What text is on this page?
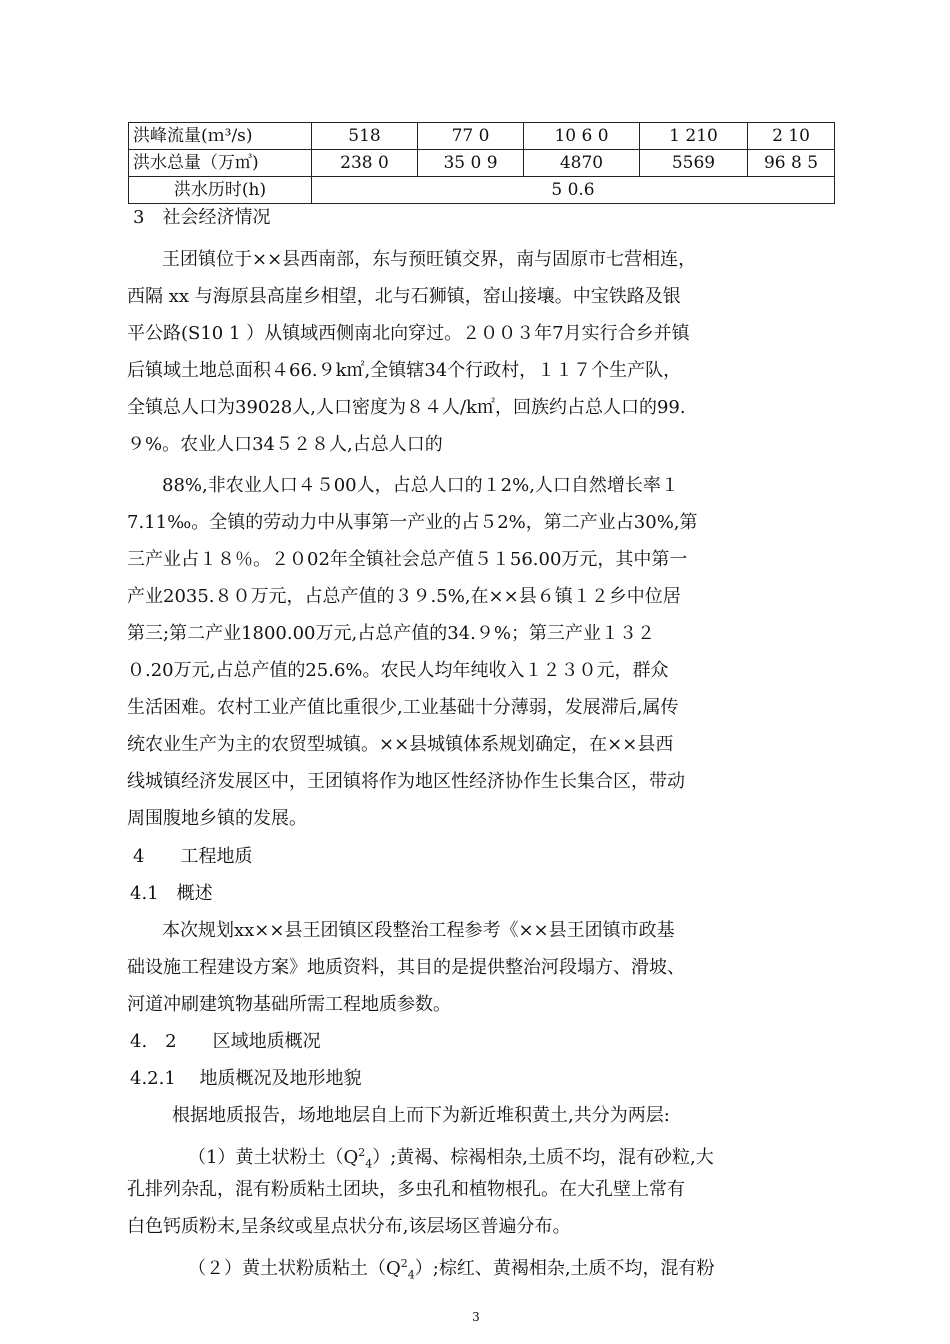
洪峰流量(ｍ³/s)	518	77 0	10 6 0	1 210	2 10
洪水总量（万㎥)	238 0	35 0 9	4870	5569	96 8 5
洪水历时(h)	5 0.6				
3　社会经济情况
王团镇位于××县西南部，东与预旺镇交界，南与固原市七营相连，
西隔 xx 与海原县高崖乡相望，北与石狮镇，窑山接壤。中宝铁路及银
平公路(S10 1 ）从镇域西侧南北向穿过。２００３年7月实行合乡并镇
后镇域土地总面积４66.９k㎡,全镇辖34个行政村，１１７个生产队，
全镇总人口为39028人,人口密度为８４人/k㎡，回族约占总人口的99.
９%。农业人口34５２８人,占总人口的
88%,非农业人口４５00人，占总人口的１2%,人口自然增长率１
7.11‰。全镇的劳动力中从事第一产业的占５2%，第二产业占30%,第
三产业占１８％。２０02年全镇社会总产值５１56.00万元，其中第一
产业2035.８０万元，占总产值的３９.5%,在××县６镇１２乡中位居
第三;第二产业1800.00万元,占总产值的34.９%；第三产业１３２
０.20万元,占总产值的25.6%。农民人均年纯收入１２３０元，群众
生活困难。农村工业产值比重很少,工业基础十分薄弱，发展滞后,属传
统农业生产为主的农贸型城镇。××县城镇体系规划确定，在××县西
线城镇经济发展区中，王团镇将作为地区性经济协作生长集合区，带动
周围腹地乡镇的发展。
4　　工程地质
4.1　概述
本次规划xx××县王团镇区段整治工程参考《××县王团镇市政基
础设施工程建设方案》地质资料，其目的是提供整治河段塌方、滑坡、
河道冲刷建筑物基础所需工程地质参数。
4.　2　　区域地质概况
4.2.1　 地质概况及地形地貌
根据地质报告，场地地层自上而下为新近堆积黄土,共分为两层:
（1）黄土状粉土$(Q^2_4)$;黄褐、棕褐相杂,土质不均，混有砂粒,大
孔排列杂乱，混有粉质粘土团块，多虫孔和植物根孔。在大孔壁上常有
白色钙质粉末,呈条纹或星点状分布,该层场区普遍分布。
（２）黄土状粉质粘土$(Q^2_4)$;棕红、黄褐相杂,土质不均，混有粉
3
